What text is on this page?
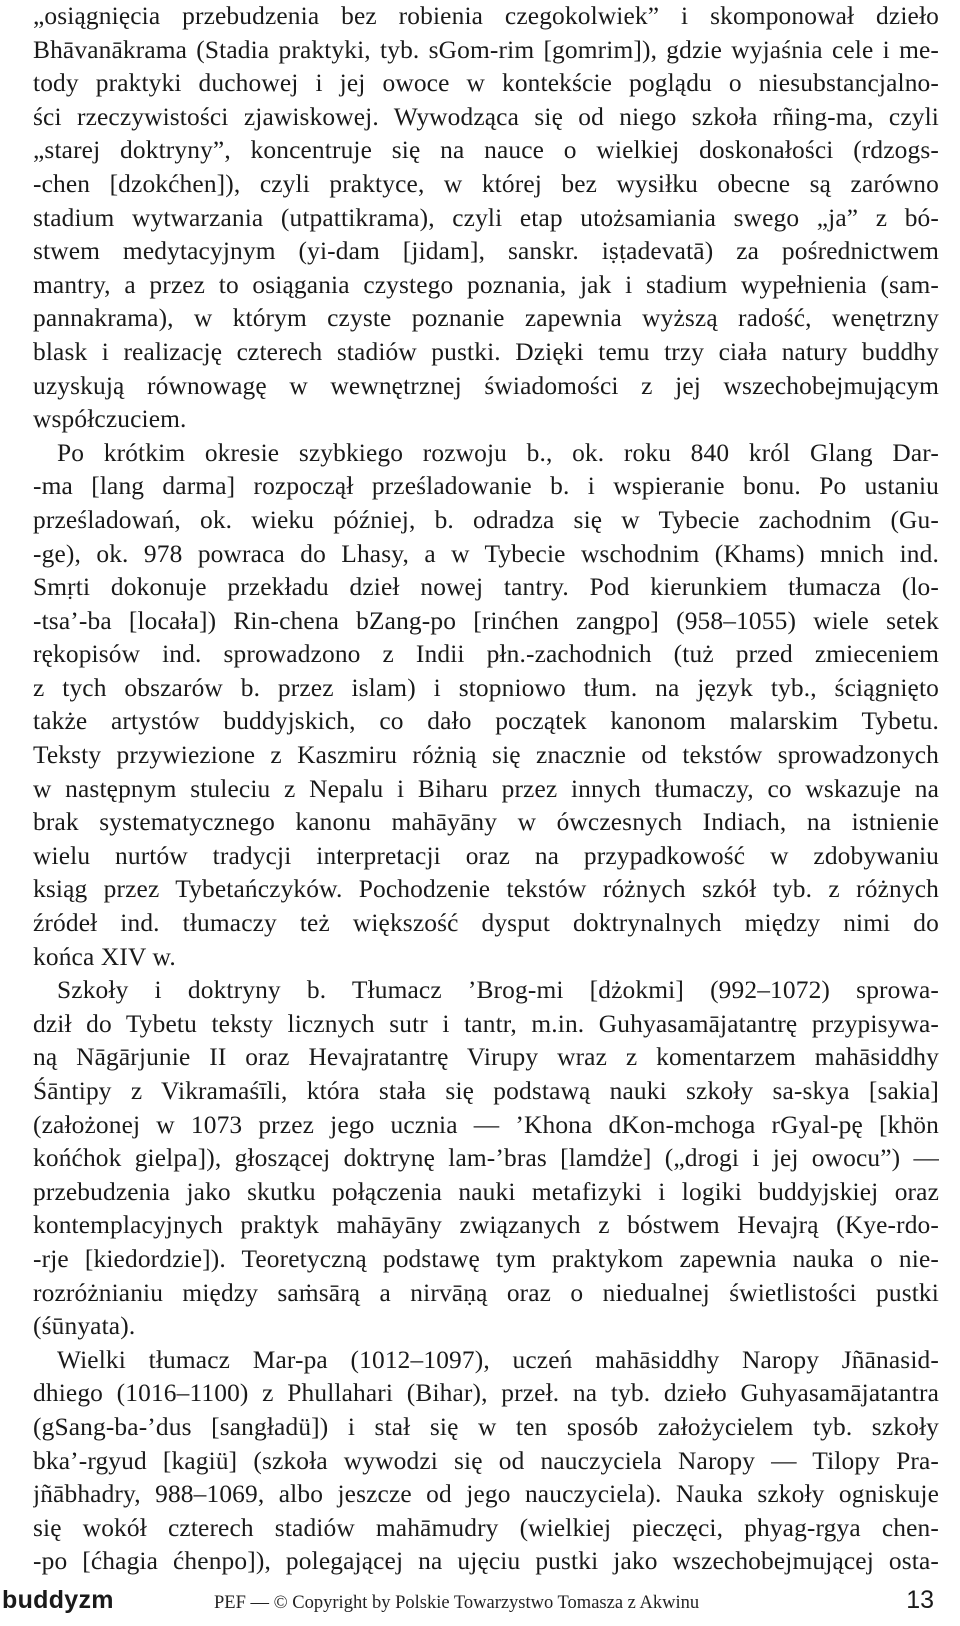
„osiągnięcia przebudzenia bez robienia czegokolwiek” i skomponował dzieło
Bhāvanākrama (Stadia praktyki, tyb. sGom-rim [gomrim]), gdzie wyjaśnia cele i me-
tody praktyki duchowej i jej owoce w kontekście poglądu o niesubstancjalno-
ści rzeczywistości zjawiskowej. Wywodząca się od niego szkoła rñing-ma, czyli
„starej doktryny”, koncentruje się na nauce o wielkiej doskonałości (rdzogs-
-chen [dzokćhen]), czyli praktyce, w której bez wysiłku obecne są zarówno
stadium wytwarzania (utpattikrama), czyli etap utożsamiania swego „ja” z bó-
stwem medytacyjnym (yi-dam [jidam], sanskr. iṣṭadevatā) za pośrednictwem
mantry, a przez to osiągania czystego poznania, jak i stadium wypełnienia (sam-
pannakrama), w którym czyste poznanie zapewnia wyższą radość, wenętrzny
blask i realizację czterech stadiów pustki. Dzięki temu trzy ciała natury buddhy
uzyskują równowagę w wewnętrznej świadomości z jej wszechobejmującym
współczuciem.
Po krótkim okresie szybkiego rozwoju b., ok. roku 840 król Glang Dar-
-ma [lang darma] rozpoczął prześladowanie b. i wspieranie bonu. Po ustaniu
prześladowań, ok. wieku później, b. odradza się w Tybecie zachodnim (Gu-
-ge), ok. 978 powraca do Lhasy, a w Tybecie wschodnim (Khams) mnich ind.
Smṛti dokonuje przekładu dzieł nowej tantry. Pod kierunkiem tłumacza (lo-
-tsa’-ba [locała]) Rin-chena bZang-po [rinćhen zangpo] (958–1055) wiele setek
rękopisów ind. sprowadzono z Indii płn.-zachodnich (tuż przed zmieceniem
z tych obszarów b. przez islam) i stopniowo tłum. na język tyb., ściągnięto
także artystów buddyjskich, co dało początek kanonom malarskim Tybetu.
Teksty przywiezione z Kaszmiru różnią się znacznie od tekstów sprowadzonych
w następnym stuleciu z Nepalu i Biharu przez innych tłumaczy, co wskazuje na
brak systematycznego kanonu mahāyāny w ówczesnych Indiach, na istnienie
wielu nurtów tradycji interpretacji oraz na przypadkowość w zdobywaniu
ksiąg przez Tybetańczyków. Pochodzenie tekstów różnych szkół tyb. z różnych
źródeł ind. tłumaczy też większość dysput doktrynalnych między nimi do
końca XIV w.
Szkoły i doktryny b. Tłumacz ’Brog-mi [dżokmi] (992–1072) sprowa-
dził do Tybetu teksty licznych sutr i tantr, m.in. Guhyasamājatantrę przypisywa-
ną Nāgārjunie II oraz Hevajratantrę Virupy wraz z komentarzem mahāsiddhy
Śāntipy z Vikramaśīli, która stała się podstawą nauki szkoły sa-skya [sakia]
(założonej w 1073 przez jego ucznia — ’Khona dKon-mchoga rGyal-pę [khön
końćhok gielpa]), głoszącej doktrynę lam-’bras [lamdże] („drogi i jej owocu”) —
przebudzenia jako skutku połączenia nauki metafizyki i logiki buddyjskiej oraz
kontemplacyjnych praktyk mahāyāny związanych z bóstwem Hevajrą (Kye-rdo-
-rje [kiedordzie]). Teoretyczną podstawę tym praktykom zapewnia nauka o nie-
rozróżnianiu między saṁsārą a nirvāṇą oraz o niedualnej świetlistości pustki
(śūnyata).
Wielki tłumacz Mar-pa (1012–1097), uczeń mahāsiddhy Naropy Jñānasid-
dhiego (1016–1100) z Phullahari (Bihar), przeł. na tyb. dzieło Guhyasamājatantra
(gSang-ba-’dus [sangładü]) i stał się w ten sposób założycielem tyb. szkoły
bka’-rgyud [kagiü] (szkoła wywodzi się od nauczyciela Naropy — Tilopy Pra-
jñābhadry, 988–1069, albo jeszcze od jego nauczyciela). Nauka szkoły ogniskuje
się wokół czterech stadiów mahāmudry (wielkiej pieczęci, phyag-rgya chen-
-po [ćhagia ćhenpo]), polegającej na ujęciu pustki jako wszechobejmującej osta-
buddyzm	PEF — © Copyright by Polskie Towarzystwo Tomasza z Akwinu	13
